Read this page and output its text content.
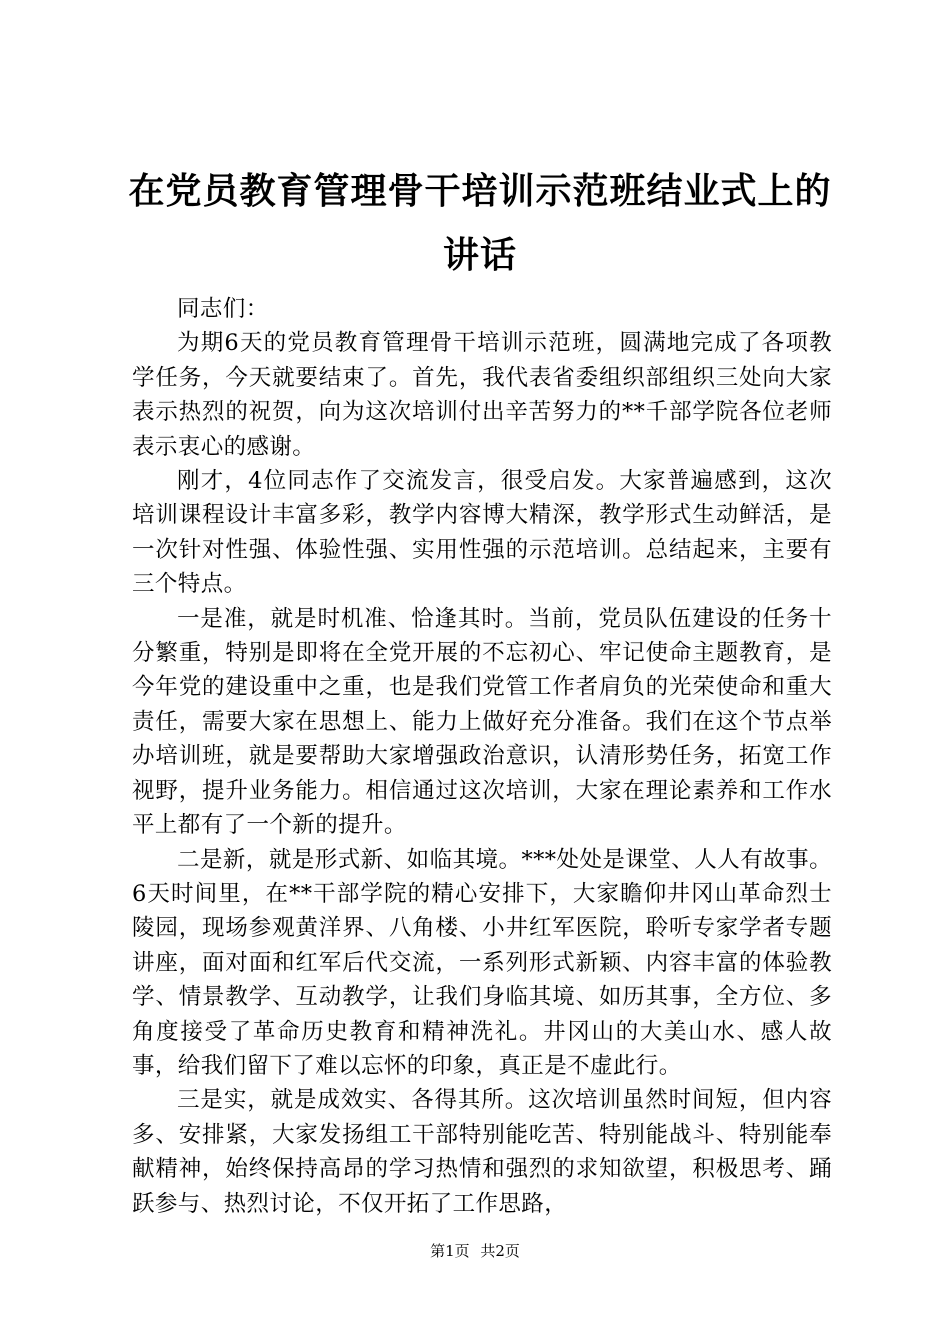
在党员教育管理骨干培训示范班结业式上的讲话

同志们：

为期6天的党员教育管理骨干培训示范班，圆满地完成了各项教学任务，今天就要结束了。首先，我代表省委组织部组织三处向大家表示热烈的祝贺，向为这次培训付出辛苦努力的**千部学院各位老师表示衷心的感谢。

刚才，4位同志作了交流发言，很受启发。大家普遍感到，这次培训课程设计丰富多彩，教学内容博大精深，教学形式生动鲜活，是一次针对性强、体验性强、实用性强的示范培训。总结起来，主要有三个特点。

一是准，就是时机准、恰逢其时。当前，党员队伍建设的任务十分繁重，特别是即将在全党开展的不忘初心、牢记使命主题教育，是今年党的建设重中之重，也是我们党管工作者肩负的光荣使命和重大责任，需要大家在思想上、能力上做好充分准备。我们在这个节点举办培训班，就是要帮助大家增强政治意识，认清形势任务，拓宽工作视野，提升业务能力。相信通过这次培训，大家在理论素养和工作水平上都有了一个新的提升。

二是新，就是形式新、如临其境。***处处是课堂、人人有故事。6天时间里，在**干部学院的精心安排下，大家瞻仰井冈山革命烈士陵园，现场参观黄洋界、八角楼、小井红军医院，聆听专家学者专题讲座，面对面和红军后代交流，一系列形式新颖、内容丰富的体验教学、情景教学、互动教学，让我们身临其境、如历其事，全方位、多角度接受了革命历史教育和精神洗礼。井冈山的大美山水、感人故事，给我们留下了难以忘怀的印象，真正是不虚此行。

三是实，就是成效实、各得其所。这次培训虽然时间短，但内容多、安排紧，大家发扬组工干部特别能吃苦、特别能战斗、特别能奉献精神，始终保持高昂的学习热情和强烈的求知欲望，积极思考、踊跃参与、热烈讨论，不仅开拓了工作思路，

第1页 共2页
